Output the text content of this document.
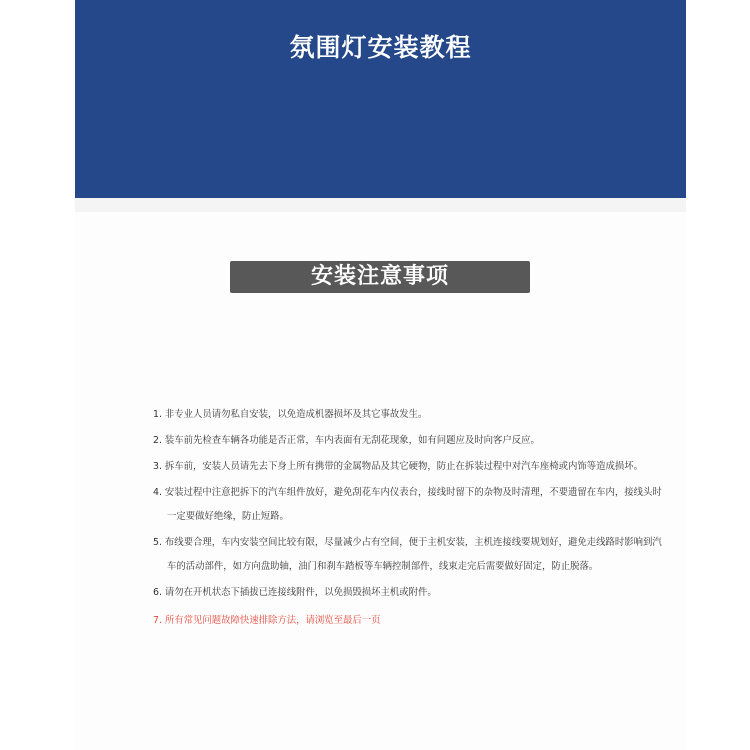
氛围灯安装教程
安装注意事项
1. 非专业人员请勿私自安装，以免造成机器损坏及其它事故发生。
2. 装车前先检查车辆各功能是否正常，车内表面有无刮花现象，如有问题应及时向客户反应。
3. 拆车前，安装人员请先去下身上所有携带的金属物品及其它硬物，防止在拆装过程中对汽车座椅或内饰等造成损坏。
4. 安装过程中注意把拆下的汽车组件放好，避免刮花车内仪表台，接线时留下的杂物及时清理，不要遗留在车内，接线头时一定要做好绝缘，防止短路。
5. 布线要合理，车内安装空间比较有限，尽量减少占有空间，便于主机安装，主机连接线要规划好，避免走线路时影响到汽车的活动部件，如方向盘助轴，油门和刹车踏板等车辆控制部件，线束走完后需要做好固定，防止脱落。
6. 请勿在开机状态下插拔已连接线附件，以免损毁损坏主机或附件。
7. 所有常见问题故障快速排除方法，请浏览至最后一页
